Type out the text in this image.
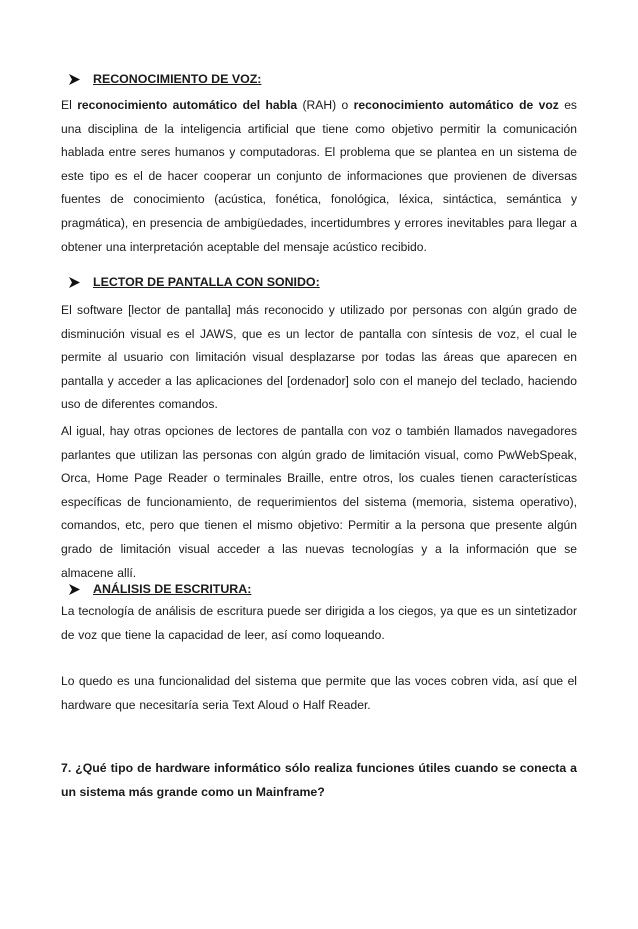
RECONOCIMIENTO DE VOZ:

El reconocimiento automático del habla (RAH) o reconocimiento automático de voz es una disciplina de la inteligencia artificial que tiene como objetivo permitir la comunicación hablada entre seres humanos y computadoras. El problema que se plantea en un sistema de este tipo es el de hacer cooperar un conjunto de informaciones que provienen de diversas fuentes de conocimiento (acústica, fonética, fonológica, léxica, sintáctica, semántica y pragmática), en presencia de ambigüedades, incertidumbres y errores inevitables para llegar a obtener una interpretación aceptable del mensaje acústico recibido.

LECTOR DE PANTALLA CON SONIDO:

El software [lector de pantalla] más reconocido y utilizado por personas con algún grado de disminución visual es el JAWS, que es un lector de pantalla con síntesis de voz, el cual le permite al usuario con limitación visual desplazarse por todas las áreas que aparecen en pantalla y acceder a las aplicaciones del [ordenador] solo con el manejo del teclado, haciendo uso de diferentes comandos.

Al igual, hay otras opciones de lectores de pantalla con voz o también llamados navegadores parlantes que utilizan las personas con algún grado de limitación visual, como PwWebSpeak, Orca, Home Page Reader o terminales Braille, entre otros, los cuales tienen características específicas de funcionamiento, de requerimientos del sistema (memoria, sistema operativo), comandos, etc, pero que tienen el mismo objetivo: Permitir a la persona que presente algún grado de limitación visual acceder a las nuevas tecnologías y a la información que se almacene allí.

ANÁLISIS DE ESCRITURA:

La tecnología de análisis de escritura puede ser dirigida a los ciegos, ya que es un sintetizador de voz que tiene la capacidad de leer, así como loqueando.

Lo quedo es una funcionalidad del sistema que permite que las voces cobren vida, así que el hardware que necesitaría seria Text Aloud o Half Reader.

7. ¿Qué tipo de hardware informático sólo realiza funciones útiles cuando se conecta a un sistema más grande como un Mainframe?
